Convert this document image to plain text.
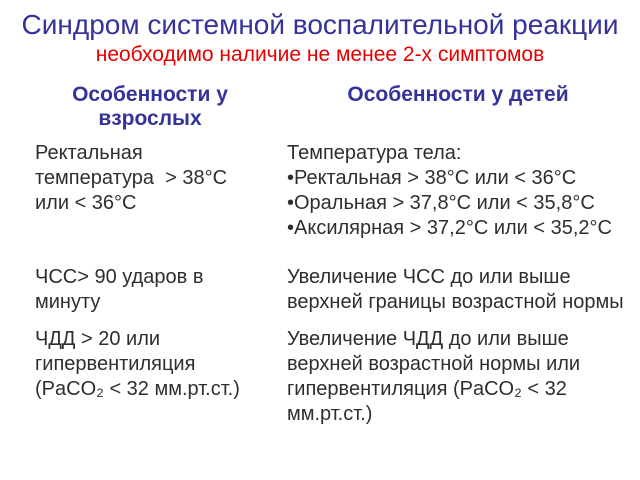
Синдром системной воспалительной реакции
необходимо наличие не менее 2-х симптомов
Особенности у взрослых
Особенности у детей
Ректальная температура  > 38°С или < 36°С
Температура тела:
•Ректальная > 38°С или < 36°С
•Оральная > 37,8°С или < 35,8°С
•Аксилярная > 37,2°С или < 35,2°С
ЧСС> 90 ударов в минуту
Увеличение ЧСС до или выше верхней границы возрастной нормы
ЧДД > 20 или гипервентиляция (PaCO₂ < 32 мм.рт.ст.)
Увеличение ЧДД до или выше верхней возрастной нормы или гипервентиляция (PaCO₂ < 32 мм.рт.ст.)
